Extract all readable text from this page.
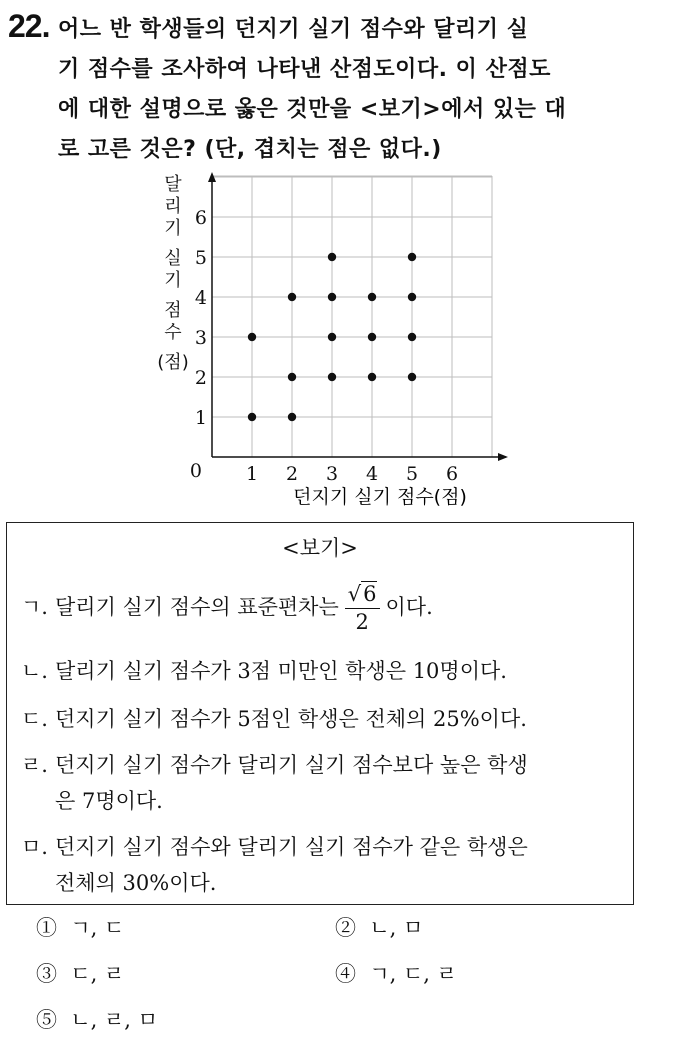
22. 어느 반 학생들의 던지기 실기 점수와 달리기 실
기 점수를 조사하여 나타낸 산점도이다. 이 산점도
에 대한 설명으로 옳은 것만을 <보기>에서 있는 대
로 고른 것은? (단, 겹치는 점은 없다.)
0 1 2 3 4 5 6
1
2
3
4
5
6
달
리
기
실
기
점
수
(점)
던지기 실기 점수(점)
<보기>
ㄱ. 달리기 실기 점수의 표준편차는 $\frac{√6}{2}$ 이다.
ㄴ. 달리기 실기 점수가 3점 미만인 학생은 10명이다.
ㄷ. 던지기 실기 점수가 5점인 학생은 전체의 25%이다.
ㄹ. 던지기 실기 점수가 달리기 실기 점수보다 높은 학생
은 7명이다.
ㅁ. 던지기 실기 점수와 달리기 실기 점수가 같은 학생은
전체의 30%이다.
① ㄱ, ㄷ	② ㄴ, ㅁ
③ ㄷ, ㄹ	④ ㄱ, ㄷ, ㄹ
⑤ ㄴ, ㄹ, ㅁ
